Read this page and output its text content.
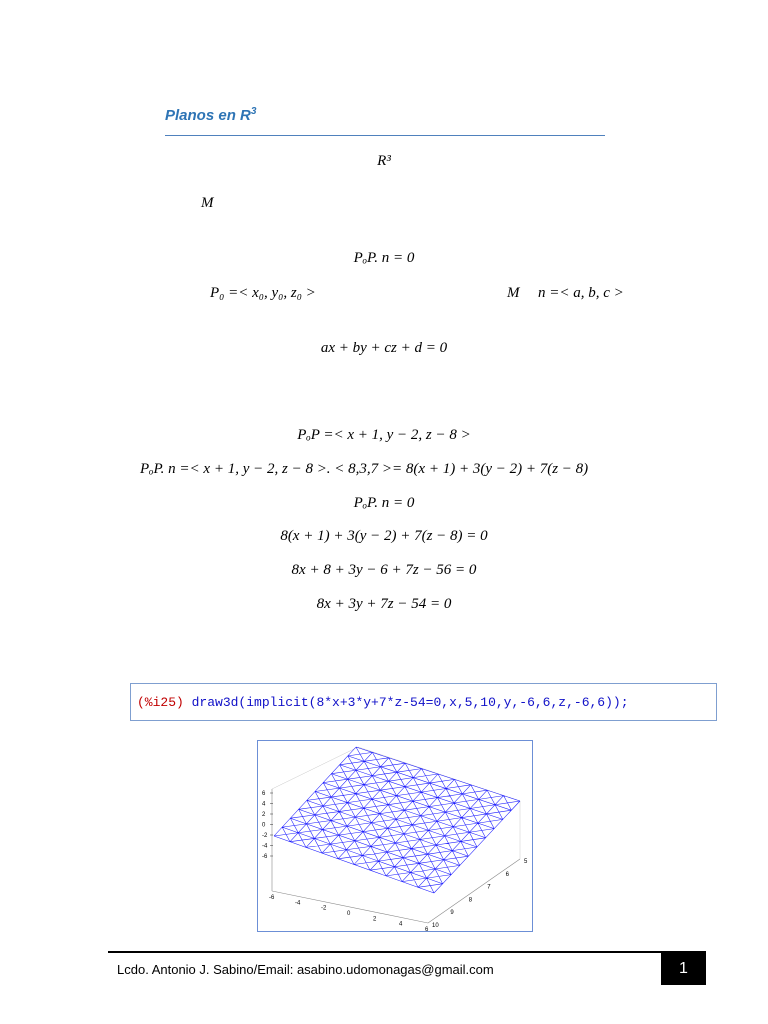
Planos en $R^3$
R³
M
PₒP. n = 0
P₀ =< x₀, y₀, z₀ >	M n =< a, b, c >
ax + by + cz + d = 0
PₒP =< x + 1, y − 2, z − 8 >
PₒP. n =< x + 1, y − 2, z − 8 >. < 8,3,7 >= 8(x + 1) + 3(y − 2) + 7(z − 8)
PₒP. n = 0
8(x + 1) + 3(y − 2) + 7(z − 8) = 0
8x + 8 + 3y − 6 + 7z − 56 = 0
8x + 3y + 7z − 54 = 0
(%i25) draw3d(implicit(8*x+3*y+7*z-54=0,x,5,10,y,-6,6,z,-6,6));
6
4
2
0
-2
-4
-6
-6
-4
-2
0
2
4
6
5
6
7
8
9
10
Lcdo. Antonio J. Sabino/Email: asabino.udomonagas@gmail.com	1
